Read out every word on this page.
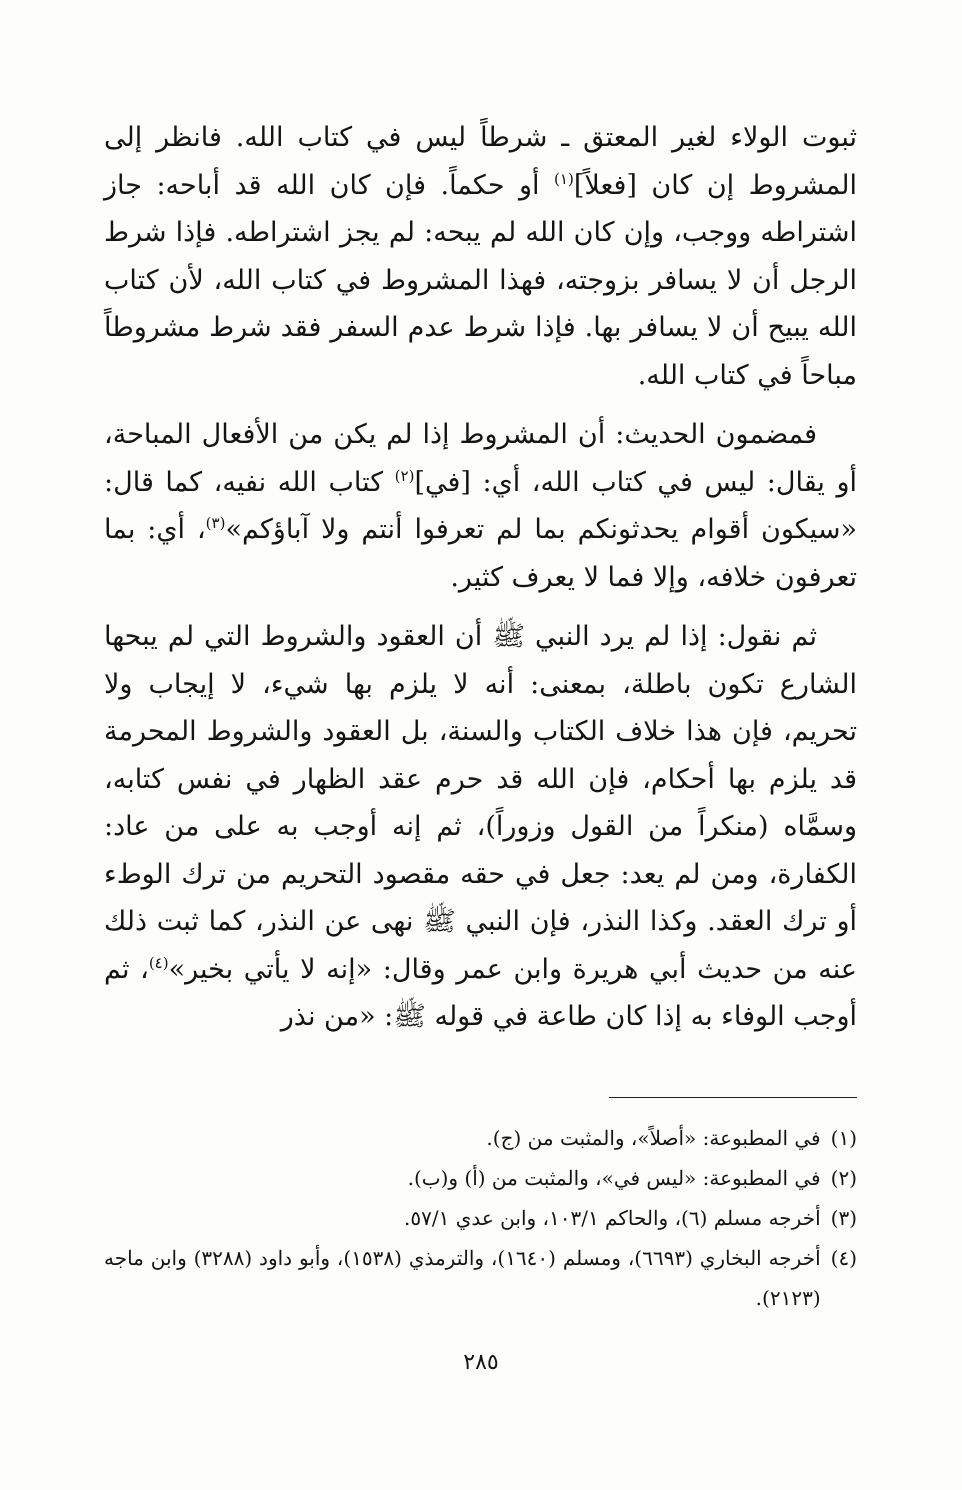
ثبوت الولاء لغير المعتق ـ شرطاً ليس في كتاب الله. فانظر إلى المشروط إن كان [فعلاً]$^{(١)}$ أو حكماً. فإن كان الله قد أباحه: جاز اشتراطه ووجب، وإن كان الله لم يبحه: لم يجز اشتراطه. فإذا شرط الرجل أن لا يسافر بزوجته، فهذا المشروط في كتاب الله، لأن كتاب الله يبيح أن لا يسافر بها. فإذا شرط عدم السفر فقد شرط مشروطاً مباحاً في كتاب الله.

فمضمون الحديث: أن المشروط إذا لم يكن من الأفعال المباحة، أو يقال: ليس في كتاب الله، أي: [في]$^{(٢)}$ كتاب الله نفيه، كما قال: «سيكون أقوام يحدثونكم بما لم تعرفوا أنتم ولا آباؤكم»$^{(٣)}$، أي: بما تعرفون خلافه، وإلا فما لا يعرف كثير.

ثم نقول: إذا لم يرد النبي ﷺ أن العقود والشروط التي لم يبحها الشارع تكون باطلة، بمعنى: أنه لا يلزم بها شيء، لا إيجاب ولا تحريم، فإن هذا خلاف الكتاب والسنة، بل العقود والشروط المحرمة قد يلزم بها أحكام، فإن الله قد حرم عقد الظهار في نفس كتابه، وسمَّاه (منكراً من القول وزوراً)، ثم إنه أوجب به على من عاد: الكفارة، ومن لم يعد: جعل في حقه مقصود التحريم من ترك الوطء أو ترك العقد. وكذا النذر، فإن النبي ﷺ نهى عن النذر، كما ثبت ذلك عنه من حديث أبي هريرة وابن عمر وقال: «إنه لا يأتي بخير»$^{(٤)}$، ثم أوجب الوفاء به إذا كان طاعة في قوله ﷺ: «من نذر

(١)
في المطبوعة: «أصلاً»، والمثبت من (ج).
(٢)
في المطبوعة: «ليس في»، والمثبت من (أ) و(ب).
(٣)
أخرجه مسلم (٦)، والحاكم ١٠٣/١، وابن عدي ٥٧/١.
(٤)
أخرجه البخاري (٦٦٩٣)، ومسلم (١٦٤٠)، والترمذي (١٥٣٨)، وأبو داود (٣٢٨٨) وابن ماجه (٢١٢٣).
٢٨٥
